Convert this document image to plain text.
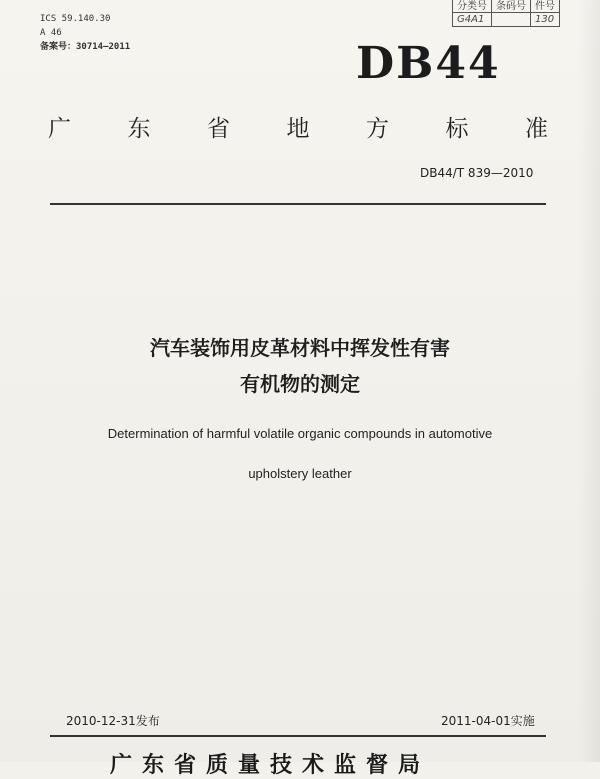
ICS 59.140.30
A 46
备案号：30714—2011
分类号	条码号	件号
G4A1		130
DB44
广 东 省 地 方 标 准
DB44/T 839—2010
汽车装饰用皮革材料中挥发性有害
有机物的测定
Determination of harmful volatile organic compounds in automotive
upholstery leather
2010-12-31发布	2011-04-01实施
广东省质量技术监督局
